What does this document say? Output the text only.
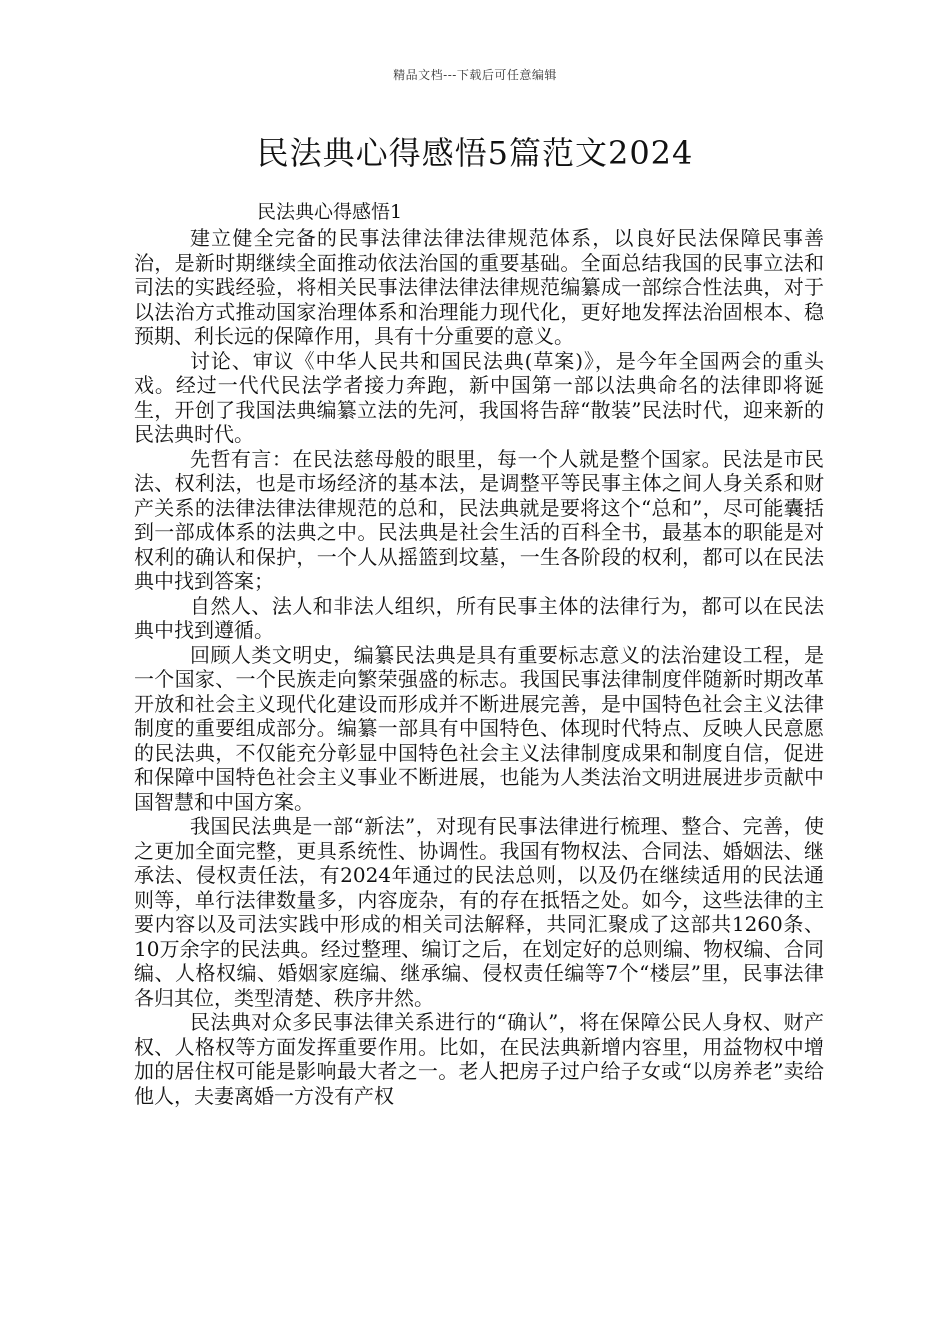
精品文档---下载后可任意编辑
民法典心得感悟5篇范文2024

民法典心得感悟1

建立健全完备的民事法律法律法律规范体系，以良好民法保障民事善治，是新时期继续全面推动依法治国的重要基础。全面总结我国的民事立法和司法的实践经验，将相关民事法律法律法律规范编纂成一部综合性法典，对于以法治方式推动国家治理体系和治理能力现代化，更好地发挥法治固根本、稳预期、利长远的保障作用，具有十分重要的意义。

讨论、审议《中华人民共和国民法典(草案)》，是今年全国两会的重头戏。经过一代代民法学者接力奔跑，新中国第一部以法典命名的法律即将诞生，开创了我国法典编纂立法的先河，我国将告辞“散装”民法时代，迎来新的民法典时代。

先哲有言：在民法慈母般的眼里，每一个人就是整个国家。民法是市民法、权利法，也是市场经济的基本法，是调整平等民事主体之间人身关系和财产关系的法律法律法律规范的总和，民法典就是要将这个“总和”，尽可能囊括到一部成体系的法典之中。民法典是社会生活的百科全书，最基本的职能是对权利的确认和保护，一个人从摇篮到坟墓，一生各阶段的权利，都可以在民法典中找到答案；

自然人、法人和非法人组织，所有民事主体的法律行为，都可以在民法典中找到遵循。

回顾人类文明史，编纂民法典是具有重要标志意义的法治建设工程，是一个国家、一个民族走向繁荣强盛的标志。我国民事法律制度伴随新时期改革开放和社会主义现代化建设而形成并不断进展完善，是中国特色社会主义法律制度的重要组成部分。编纂一部具有中国特色、体现时代特点、反映人民意愿的民法典，不仅能充分彰显中国特色社会主义法律制度成果和制度自信，促进和保障中国特色社会主义事业不断进展，也能为人类法治文明进展进步贡献中国智慧和中国方案。

我国民法典是一部“新法”，对现有民事法律进行梳理、整合、完善，使之更加全面完整，更具系统性、协调性。我国有物权法、合同法、婚姻法、继承法、侵权责任法，有2024年通过的民法总则，以及仍在继续适用的民法通则等，单行法律数量多，内容庞杂，有的存在抵牾之处。如今，这些法律的主要内容以及司法实践中形成的相关司法解释，共同汇聚成了这部共1260条、10万余字的民法典。经过整理、编订之后，在划定好的总则编、物权编、合同编、人格权编、婚姻家庭编、继承编、侵权责任编等7个“楼层”里，民事法律各归其位，类型清楚、秩序井然。

民法典对众多民事法律关系进行的“确认”，将在保障公民人身权、财产权、人格权等方面发挥重要作用。比如，在民法典新增内容里，用益物权中增加的居住权可能是影响最大者之一。老人把房子过户给子女或“以房养老”卖给他人，夫妻离婚一方没有产权
